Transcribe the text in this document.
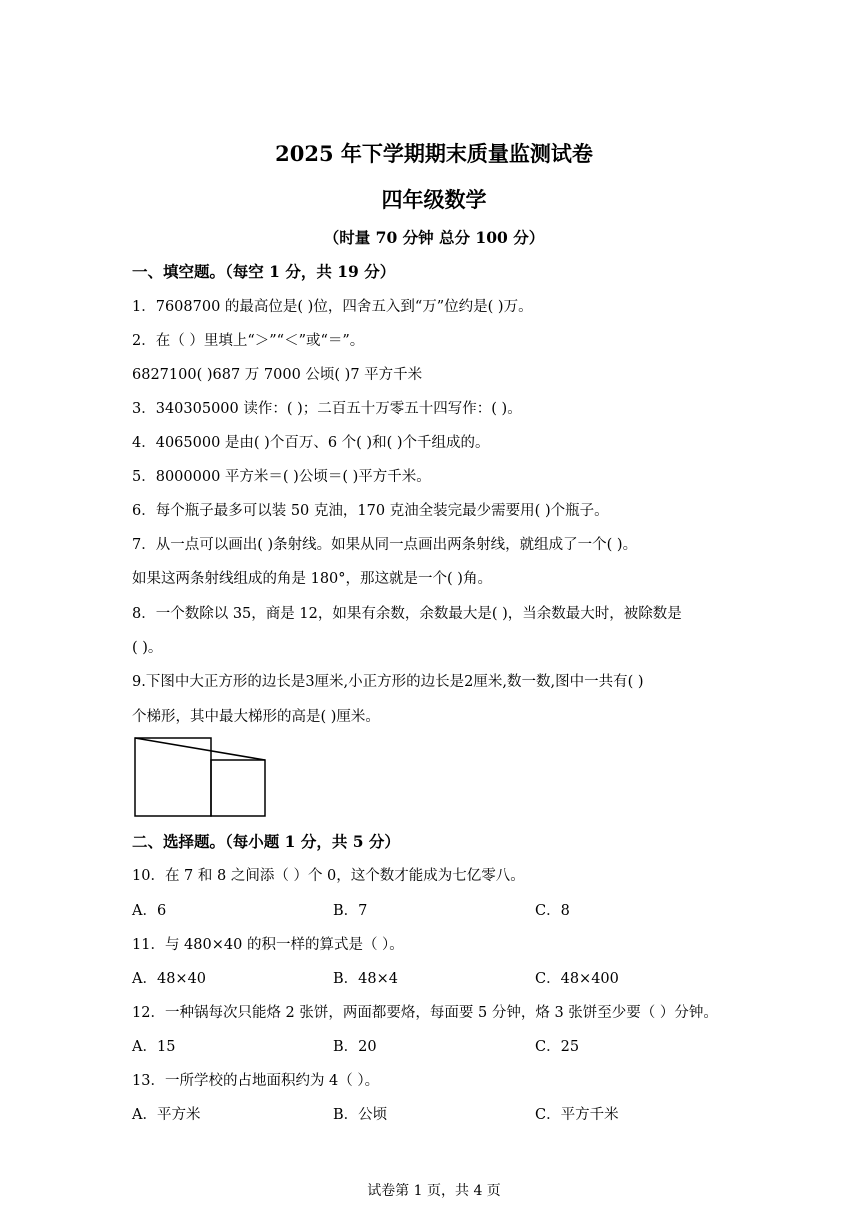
2025 年下学期期末质量监测试卷
四年级数学
（时量 70 分钟 总分 100 分）
一、填空题。（每空 1 分，共 19 分）
1．7608700 的最高位是( )位，四舍五入到“万”位约是( )万。
2．在（ ）里填上“＞”“＜”或“＝”。
6827100( )687 万 7000 公顷( )7 平方千米
3．340305000 读作：( )；二百五十万零五十四写作：( )。
4．4065000 是由( )个百万、6 个( )和( )个千组成的。
5．8000000 平方米＝( )公顷＝( )平方千米。
6．每个瓶子最多可以装 50 克油，170 克油全装完最少需要用( )个瓶子。
7．从一点可以画出( )条射线。如果从同一点画出两条射线，就组成了一个( )。
如果这两条射线组成的角是 180°，那这就是一个( )角。
8．一个数除以 35，商是 12，如果有余数，余数最大是( )，当余数最大时，被除数是
( )。
9.下图中大正方形的边长是3厘米,小正方形的边长是2厘米,数一数,图中一共有( )
个梯形，其中最大梯形的高是( )厘米。
二、选择题。（每小题 1 分，共 5 分）
10．在 7 和 8 之间添（ ）个 0，这个数才能成为七亿零八。
A．6	B．7	C．8
11．与 480×40 的积一样的算式是（ ）。
A．48×40	B．48×4	C．48×400
12．一种锅每次只能烙 2 张饼，两面都要烙，每面要 5 分钟，烙 3 张饼至少要（ ）分钟。
A．15	B．20	C．25
13．一所学校的占地面积约为 4（ ）。
A．平方米	B．公顷	C．平方千米
试卷第 1 页，共 4 页
